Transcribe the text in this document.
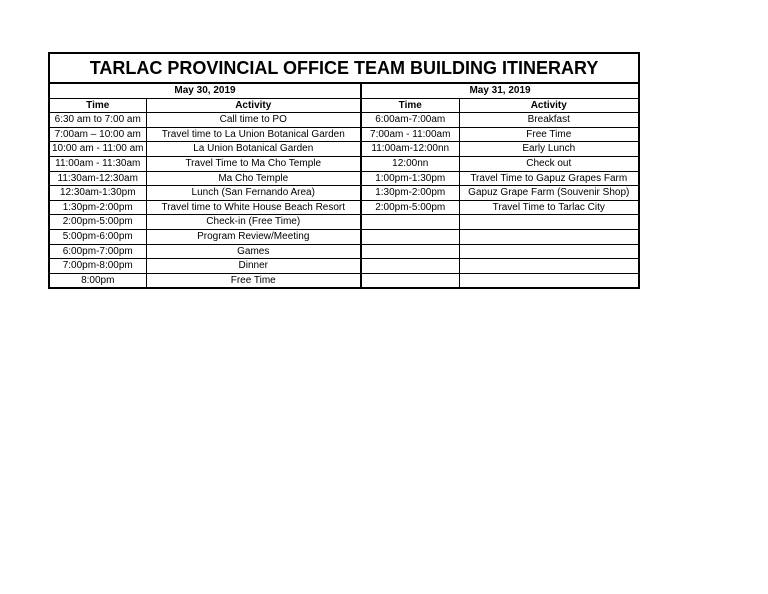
TARLAC PROVINCIAL OFFICE TEAM BUILDING ITINERARY			
May 30, 2019		May 31, 2019	
Time	Activity	Time	Activity
6:30 am to 7:00 am	Call time to PO	6:00am-7:00am	Breakfast
7:00am – 10:00 am	Travel time to La Union Botanical Garden	7:00am - 11:00am	Free Time
10:00 am - 11:00 am	La Union Botanical Garden	11:00am-12:00nn	Early Lunch
11:00am - 11:30am	Travel Time to Ma Cho Temple	12:00nn	Check out
11:30am-12:30am	Ma Cho Temple	1:00pm-1:30pm	Travel Time to Gapuz Grapes Farm
12:30am-1:30pm	Lunch (San Fernando Area)	1:30pm-2:00pm	Gapuz Grape Farm (Souvenir Shop)
1:30pm-2:00pm	Travel time to White House Beach Resort	2:00pm-5:00pm	Travel Time to Tarlac City
2:00pm-5:00pm	Check-in (Free Time)		
5:00pm-6:00pm	Program Review/Meeting		
6:00pm-7:00pm	Games		
7:00pm-8:00pm	Dinner		
8:00pm	Free Time		
